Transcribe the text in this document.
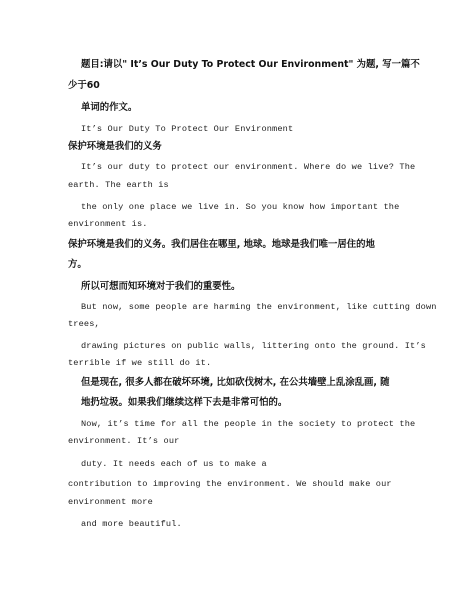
题目:请以" It’s Our Duty To Protect Our Environment" 为题, 写一篇不
少于60
单词的作文。
It’s Our Duty To Protect Our Environment
保护环境是我们的义务
It’s our duty to protect our environment. Where do we live? The
earth. The earth is
the only one place we live in. So you know how important the
environment is.
保护环境是我们的义务。我们居住在哪里, 地球。地球是我们唯一居住的地
方。
所以可想而知环境对于我们的重要性。
But now, some people are harming the environment, like cutting down
trees,
drawing pictures on public walls, littering onto the ground. It’s
terrible if we still do it.
但是现在, 很多人都在破坏环境, 比如砍伐树木, 在公共墙壁上乱涂乱画, 随
地扔垃圾。如果我们继续这样下去是非常可怕的。
Now, it’s time for all the people in the society to protect the
environment. It’s our
duty. It needs each of us to make a
contribution to improving the environment. We should make our
environment more
and more beautiful.
